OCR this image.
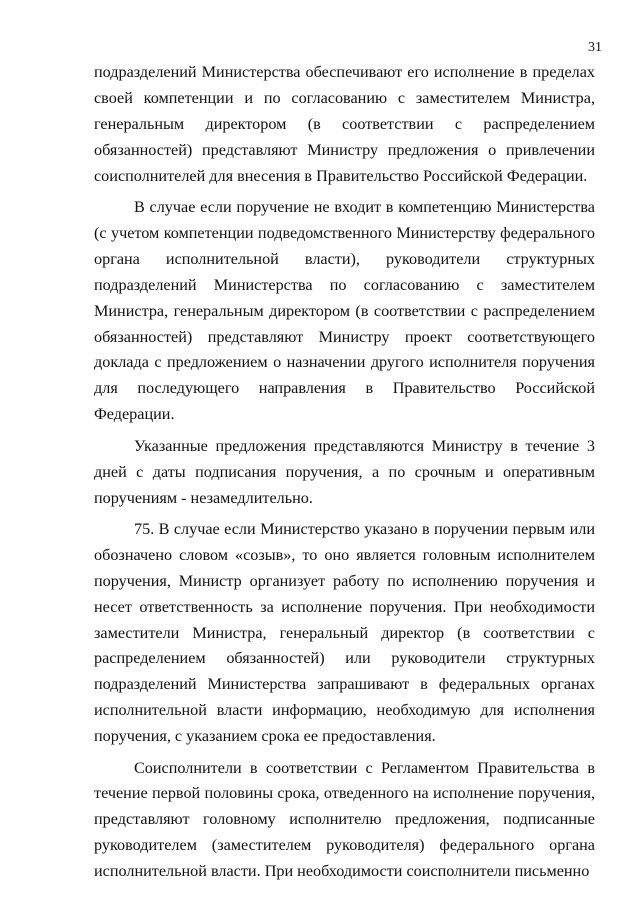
31

подразделений Министерства обеспечивают его исполнение в пределах своей компетенции и по согласованию с заместителем Министра, генеральным директором (в соответствии с распределением обязанностей) представляют Министру предложения о привлечении соисполнителей для внесения в Правительство Российской Федерации.

В случае если поручение не входит в компетенцию Министерства (с учетом компетенции подведомственного Министерству федерального органа исполнительной власти), руководители структурных подразделений Министерства по согласованию с заместителем Министра, генеральным директором (в соответствии с распределением обязанностей) представляют Министру проект соответствующего доклада с предложением о назначении другого исполнителя поручения для последующего направления в Правительство Российской Федерации.

Указанные предложения представляются Министру в течение 3 дней с даты подписания поручения, а по срочным и оперативным поручениям - незамедлительно.

75. В случае если Министерство указано в поручении первым или обозначено словом «созыв», то оно является головным исполнителем поручения, Министр организует работу по исполнению поручения и несет ответственность за исполнение поручения. При необходимости заместители Министра, генеральный директор (в соответствии с распределением обязанностей) или руководители структурных подразделений Министерства запрашивают в федеральных органах исполнительной власти информацию, необходимую для исполнения поручения, с указанием срока ее предоставления.

Соисполнители в соответствии с Регламентом Правительства в течение первой половины срока, отведенного на исполнение поручения, представляют головному исполнителю предложения, подписанные руководителем (заместителем руководителя) федерального органа исполнительной власти. При необходимости соисполнители письменно
